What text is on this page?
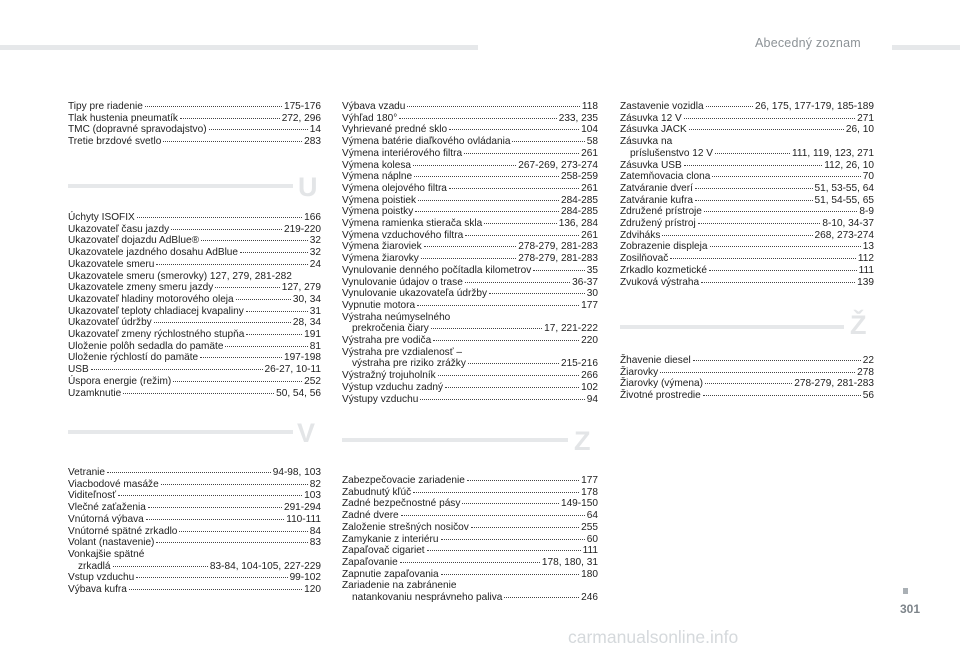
Abecedný zoznam
Tipy pre riadenie	175-176
Tlak hustenia pneumatík	272, 296
TMC (dopravné spravodajstvo)	14
Tretie brzdové svetlo	283
U
Úchyty ISOFIX	166
Ukazovateľ času jazdy	219-220
Ukazovateľ dojazdu AdBlue®	32
Ukazovatele jazdného dosahu AdBlue	32
Ukazovatele smeru	24
Ukazovatele smeru (smerovky) 127, 279, 281-282
Ukazovatele zmeny smeru jazdy	127, 279
Ukazovateľ hladiny motorového oleja	30, 34
Ukazovateľ teploty chladiacej kvapaliny	31
Ukazovateľ údržby	28, 34
Ukazovateľ zmeny rýchlostného stupňa	191
Uloženie polôh sedadla do pamäte	81
Uloženie rýchlostí do pamäte	197-198
USB	26-27, 10-11
Úspora energie (režim)	252
Uzamknutie	50, 54, 56
V
Vetranie	94-98, 103
Viacbodové masáže	82
Viditeľnosť	103
Vlečné zaťaženia	291-294
Vnútorná výbava	110-111
Vnútorné spätné zrkadlo	84
Volant (nastavenie)	83
Vonkajšie spätné
zrkadlá	83-84, 104-105, 227-229
Vstup vzduchu	99-102
Výbava kufra	120
Výbava vzadu	118
Výhľad 180°	233, 235
Vyhrievané predné sklo	104
Výmena batérie diaľkového ovládania	58
Výmena interiérového filtra	261
Výmena kolesa	267-269, 273-274
Výmena náplne	258-259
Výmena olejového filtra	261
Výmena poistiek	284-285
Výmena poistky	284-285
Výmena ramienka stierača skla	136, 284
Výmena vzduchového filtra	261
Výmena žiaroviek	278-279, 281-283
Výmena žiarovky	278-279, 281-283
Vynulovanie denného počítadla kilometrov	35
Vynulovanie údajov o trase	36-37
Vynulovanie ukazovateľa údržby	30
Vypnutie motora	177
Výstraha neúmyselného
prekročenia čiary	17, 221-222
Výstraha pre vodiča	220
Výstraha pre vzdialenosť –
výstraha pre riziko zrážky	215-216
Výstražný trojuholník	266
Výstup vzduchu zadný	102
Výstupy vzduchu	94
Z
Zabezpečovacie zariadenie	177
Zabudnutý kľúč	178
Zadné bezpečnostné pásy	149-150
Zadné dvere	64
Založenie strešných nosičov	255
Zamykanie z interiéru	60
Zapaľovač cigariet	111
Zapaľovanie	178, 180, 31
Zapnutie zapaľovania	180
Zariadenie na zabránenie
natankovaniu nesprávneho paliva	246
Zastavenie vozidla	26, 175, 177-179, 185-189
Zásuvka 12 V	271
Zásuvka JACK	26, 10
Zásuvka na
príslušenstvo 12 V	111, 119, 123, 271
Zásuvka USB	112, 26, 10
Zatemňovacia clona	70
Zatváranie dverí	51, 53-55, 64
Zatváranie kufra	51, 54-55, 65
Združené prístroje	8-9
Združený prístroj	8-10, 34-37
Zdviháks	268, 273-274
Zobrazenie displeja	13
Zosilňovač	112
Zrkadlo kozmetické	111
Zvuková výstraha	139
Ž
Žhavenie diesel	22
Žiarovky	278
Žiarovky (výmena)	278-279, 281-283
Životné prostredie	56
301
carmanualsonline.info
